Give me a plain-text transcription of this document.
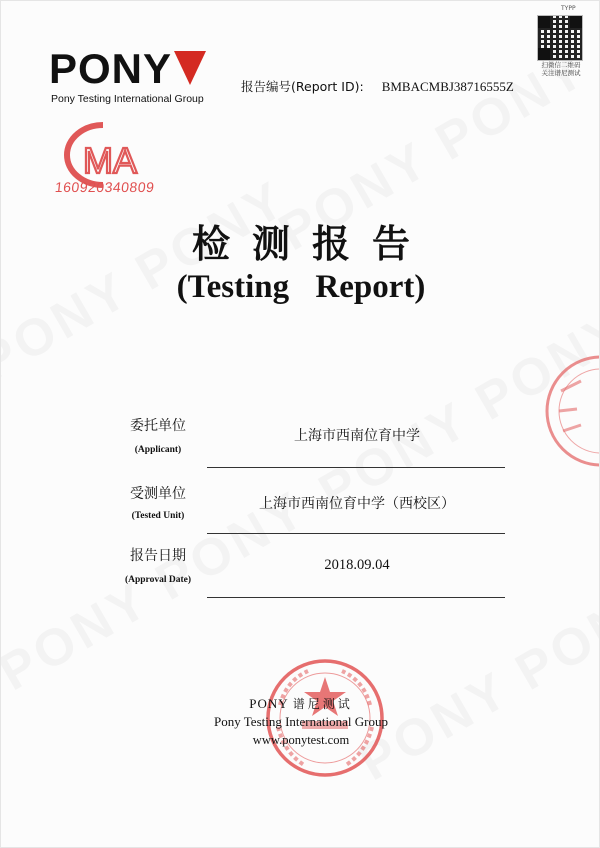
PONY
Pony Testing International Group
报告编号(Report ID): BMBACMBJ38716555Z
TYPP
扫微信二维码
关注谱尼测试
MA
160920340809
检测报告
(Testing Report)
委托单位
(Applicant)
上海市西南位育中学
受测单位
(Tested Unit)
上海市西南位育中学（西校区）
报告日期
(Approval Date)
2018.09.04
PONY 谱尼测试
Pony Testing International Group
www.ponytest.com
